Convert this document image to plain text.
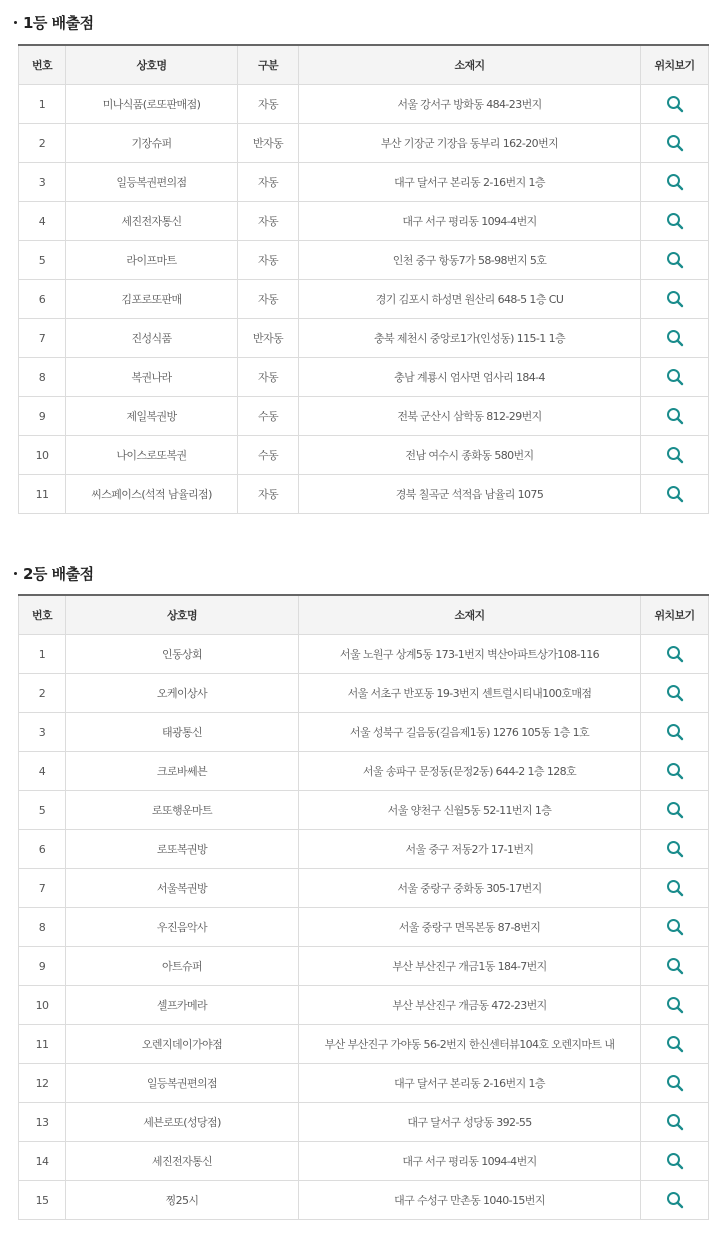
1등 배출점
번호	상호명	구분	소재지	위치보기
1	미나식품(로또판매점)	자동	서울 강서구 방화동 484-23번지	

2	기장슈퍼	반자동	부산 기장군 기장읍 동부리 162-20번지	

3	일등복권편의점	자동	대구 달서구 본리동 2-16번지 1층	

4	세진전자통신	자동	대구 서구 평리동 1094-4번지	

5	라이프마트	자동	인천 중구 항동7가 58-98번지 5호	

6	김포로또판매	자동	경기 김포시 하성면 원산리 648-5 1층 CU	

7	진성식품	반자동	충북 제천시 중앙로1가(인성동) 115-1 1층	

8	복권나라	자동	충남 계룡시 엄사면 엄사리 184-4	

9	제일복권방	수동	전북 군산시 삼학동 812-29번지	

10	나이스로또복권	수동	전남 여수시 종화동 580번지	

11	씨스페이스(석적 남율리점)	자동	경북 칠곡군 석적읍 남율리 1075	
2등 배출점
번호	상호명	소재지	위치보기
1	인동상회	서울 노원구 상계5동 173-1번지 벽산아파트상가108-116	

2	오케이상사	서울 서초구 반포동 19-3번지 센트럴시티내100호매점	

3	태광통신	서울 성북구 길음동(길음제1동) 1276 105동 1층 1호	

4	크로바쎄븐	서울 송파구 문정동(문정2동) 644-2 1층 128호	

5	로또행운마트	서울 양천구 신월5동 52-11번지 1층	

6	로또복권방	서울 중구 저동2가 17-1번지	

7	서울복권방	서울 중랑구 중화동 305-17번지	

8	우진음악사	서울 중랑구 면목본동 87-8번지	

9	아트슈퍼	부산 부산진구 개금1동 184-7번지	

10	셀프카메라	부산 부산진구 개금동 472-23번지	

11	오렌지데이가야점	부산 부산진구 가야동 56-2번지 한신센터뷰104호 오렌지마트 내	

12	일등복권편의점	대구 달서구 본리동 2-16번지 1층	

13	세븐로또(성당점)	대구 달서구 성당동 392-55	

14	세진전자통신	대구 서구 평리동 1094-4번지	

15	찡25시	대구 수성구 만촌동 1040-15번지	
